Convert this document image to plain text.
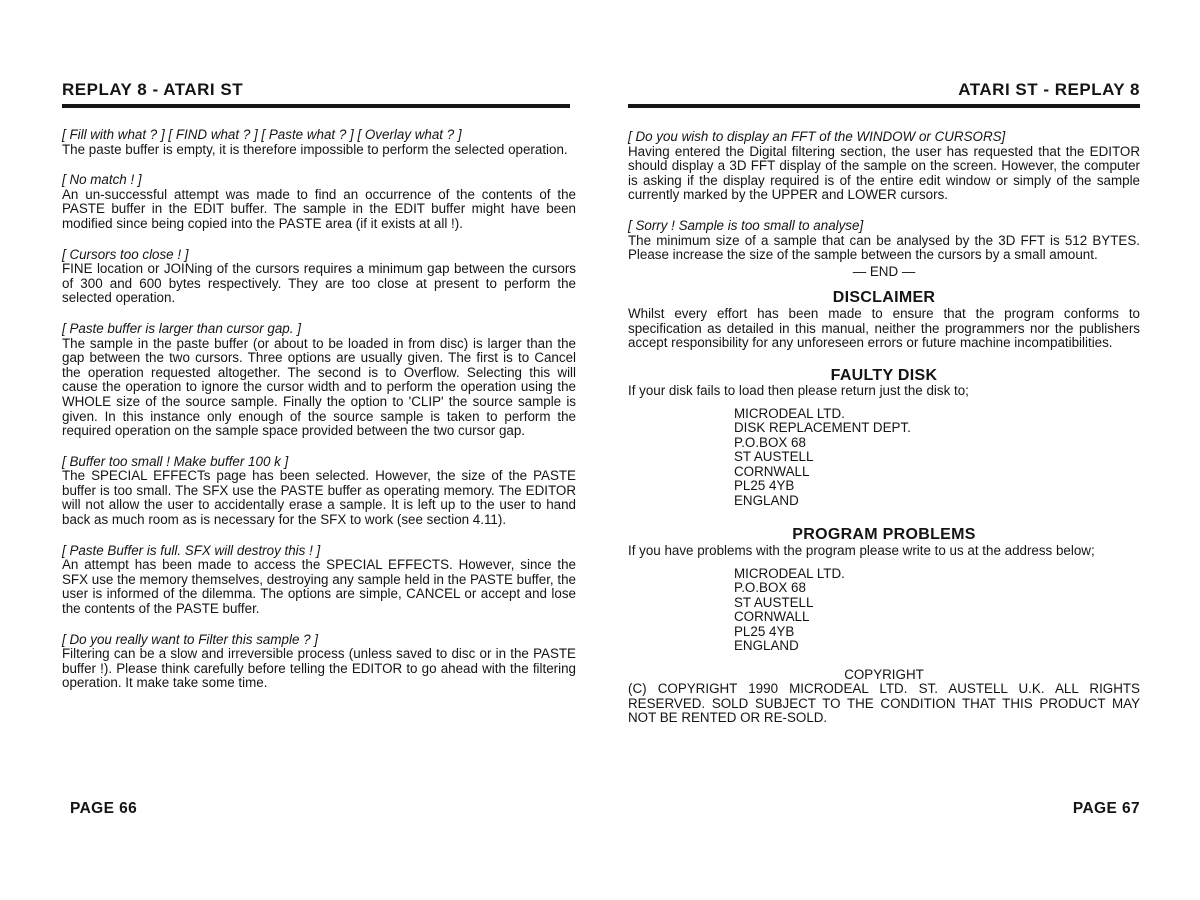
REPLAY 8 - ATARI ST
[ Fill with what ? ] [ FIND what ? ] [ Paste what ? ] [ Overlay what ? ]

The paste buffer is empty, it is therefore impossible to perform the selected operation.

[ No match ! ]

An un-successful attempt was made to find an occurrence of the contents of the PASTE buffer in the EDIT buffer. The sample in the EDIT buffer might have been modified since being copied into the PASTE area (if it exists at all !).

[ Cursors too close ! ]

FINE location or JOINing of the cursors requires a minimum gap between the cursors of 300 and 600 bytes respectively. They are too close at present to perform the selected operation.

[ Paste buffer is larger than cursor gap. ]

The sample in the paste buffer (or about to be loaded in from disc) is larger than the gap between the two cursors. Three options are usually given. The first is to Cancel the operation requested altogether. The second is to Overflow. Selecting this will cause the operation to ignore the cursor width and to perform the operation using the WHOLE size of the source sample. Finally the option to 'CLIP' the source sample is given. In this instance only enough of the source sample is taken to perform the required operation on the sample space provided between the two cursor gap.

[ Buffer too small ! Make buffer 100 k ]

The SPECIAL EFFECTs page has been selected. However, the size of the PASTE buffer is too small. The SFX use the PASTE buffer as operating memory. The EDITOR will not allow the user to accidentally erase a sample. It is left up to the user to hand back as much room as is necessary for the SFX to work (see section 4.11).

[ Paste Buffer is full. SFX will destroy this ! ]

An attempt has been made to access the SPECIAL EFFECTS. However, since the SFX use the memory themselves, destroying any sample held in the PASTE buffer, the user is informed of the dilemma. The options are simple, CANCEL or accept and lose the contents of the PASTE buffer.

[ Do you really want to Filter this sample ? ]

Filtering can be a slow and irreversible process (unless saved to disc or in the PASTE buffer !). Please think carefully before telling the EDITOR to go ahead with the filtering operation. It make take some time.

PAGE 66
ATARI ST - REPLAY 8
[ Do you wish to display an FFT of the WINDOW or CURSORS]

Having entered the Digital filtering section, the user has requested that the EDITOR should display a 3D FFT display of the sample on the screen. However, the computer is asking if the display required is of the entire edit window or simply of the sample currently marked by the UPPER and LOWER cursors.

[ Sorry ! Sample is too small to analyse]

The minimum size of a sample that can be analysed by the 3D FFT is 512 BYTES. Please increase the size of the sample between the cursors by a small amount.

— END —
DISCLAIMER

Whilst every effort has been made to ensure that the program conforms to specification as detailed in this manual, neither the programmers nor the publishers accept responsibility for any unforeseen errors or future machine incompatibilities.

FAULTY DISK
If your disk fails to load then please return just the disk to;
MICRODEAL LTD.
DISK REPLACEMENT DEPT.
P.O.BOX 68
ST AUSTELL
CORNWALL
PL25 4YB
ENGLAND
PROGRAM PROBLEMS
If you have problems with the program please write to us at the address below;
MICRODEAL LTD.
P.O.BOX 68
ST AUSTELL
CORNWALL
PL25 4YB
ENGLAND
COPYRIGHT

(C) COPYRIGHT 1990 MICRODEAL LTD. ST. AUSTELL U.K. ALL RIGHTS RESERVED. SOLD SUBJECT TO THE CONDITION THAT THIS PRODUCT MAY NOT BE RENTED OR RE-SOLD.

PAGE 67
